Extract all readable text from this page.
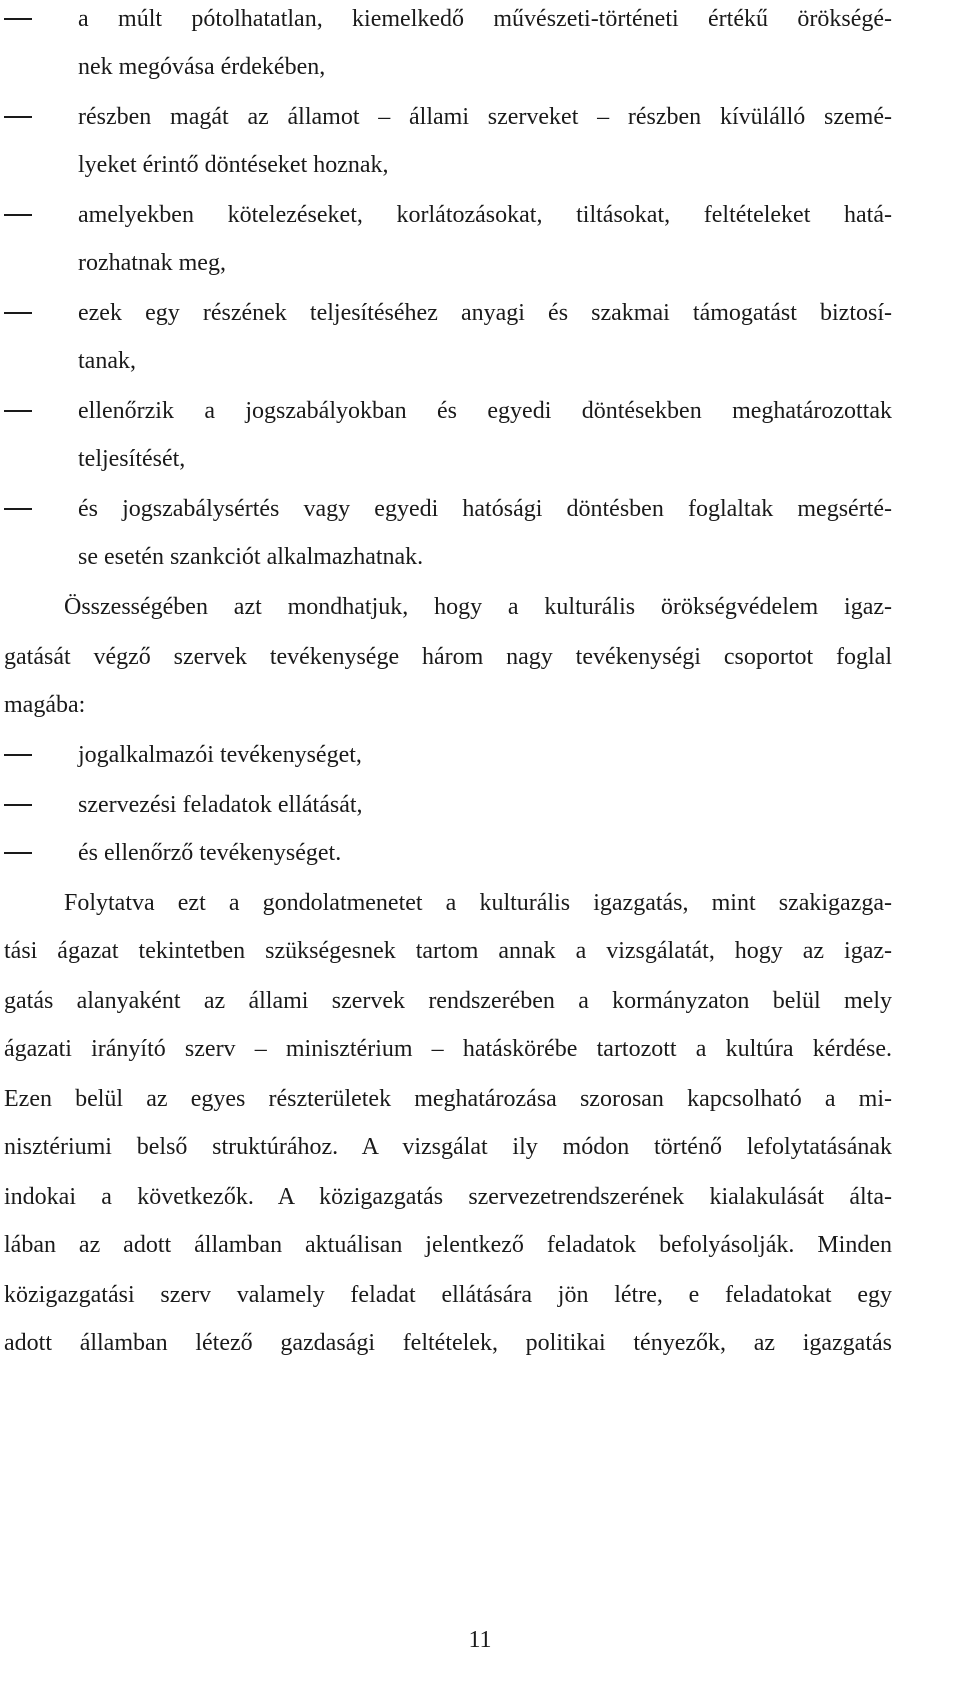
a múlt pótolhatatlan, kiemelkedő művészeti-történeti értékű örökségé-
nek megóvása érdekében,
részben magát az államot – állami szerveket – részben kívülálló szemé-
lyeket érintő döntéseket hoznak,
amelyekben kötelezéseket, korlátozásokat, tiltásokat, feltételeket hatá-
rozhatnak meg,
ezek egy részének teljesítéséhez anyagi és szakmai támogatást biztosí-
tanak,
ellenőrzik a jogszabályokban és egyedi döntésekben meghatározottak
teljesítését,
és jogszabálysértés vagy egyedi hatósági döntésben foglaltak megsérté-
se esetén szankciót alkalmazhatnak.
Összességében azt mondhatjuk, hogy a kulturális örökségvédelem igaz-
gatását végző szervek tevékenysége három nagy tevékenységi csoportot foglal
magába:
jogalkalmazói tevékenységet,
szervezési feladatok ellátását,
és ellenőrző tevékenységet.
Folytatva ezt a gondolatmenetet a kulturális igazgatás, mint szakigazga-
tási ágazat tekintetben szükségesnek tartom annak a vizsgálatát, hogy az igaz-
gatás alanyaként az állami szervek rendszerében a kormányzaton belül mely
ágazati irányító szerv – minisztérium – hatáskörébe tartozott a kultúra kérdése.
Ezen belül az egyes részterületek meghatározása szorosan kapcsolható a mi-
nisztériumi belső struktúrához. A vizsgálat ily módon történő lefolytatásának
indokai a következők. A közigazgatás szervezetrendszerének kialakulását álta-
lában az adott államban aktuálisan jelentkező feladatok befolyásolják. Minden
közigazgatási szerv valamely feladat ellátására jön létre, e feladatokat egy
adott államban létező gazdasági feltételek, politikai tényezők, az igazgatás
11
